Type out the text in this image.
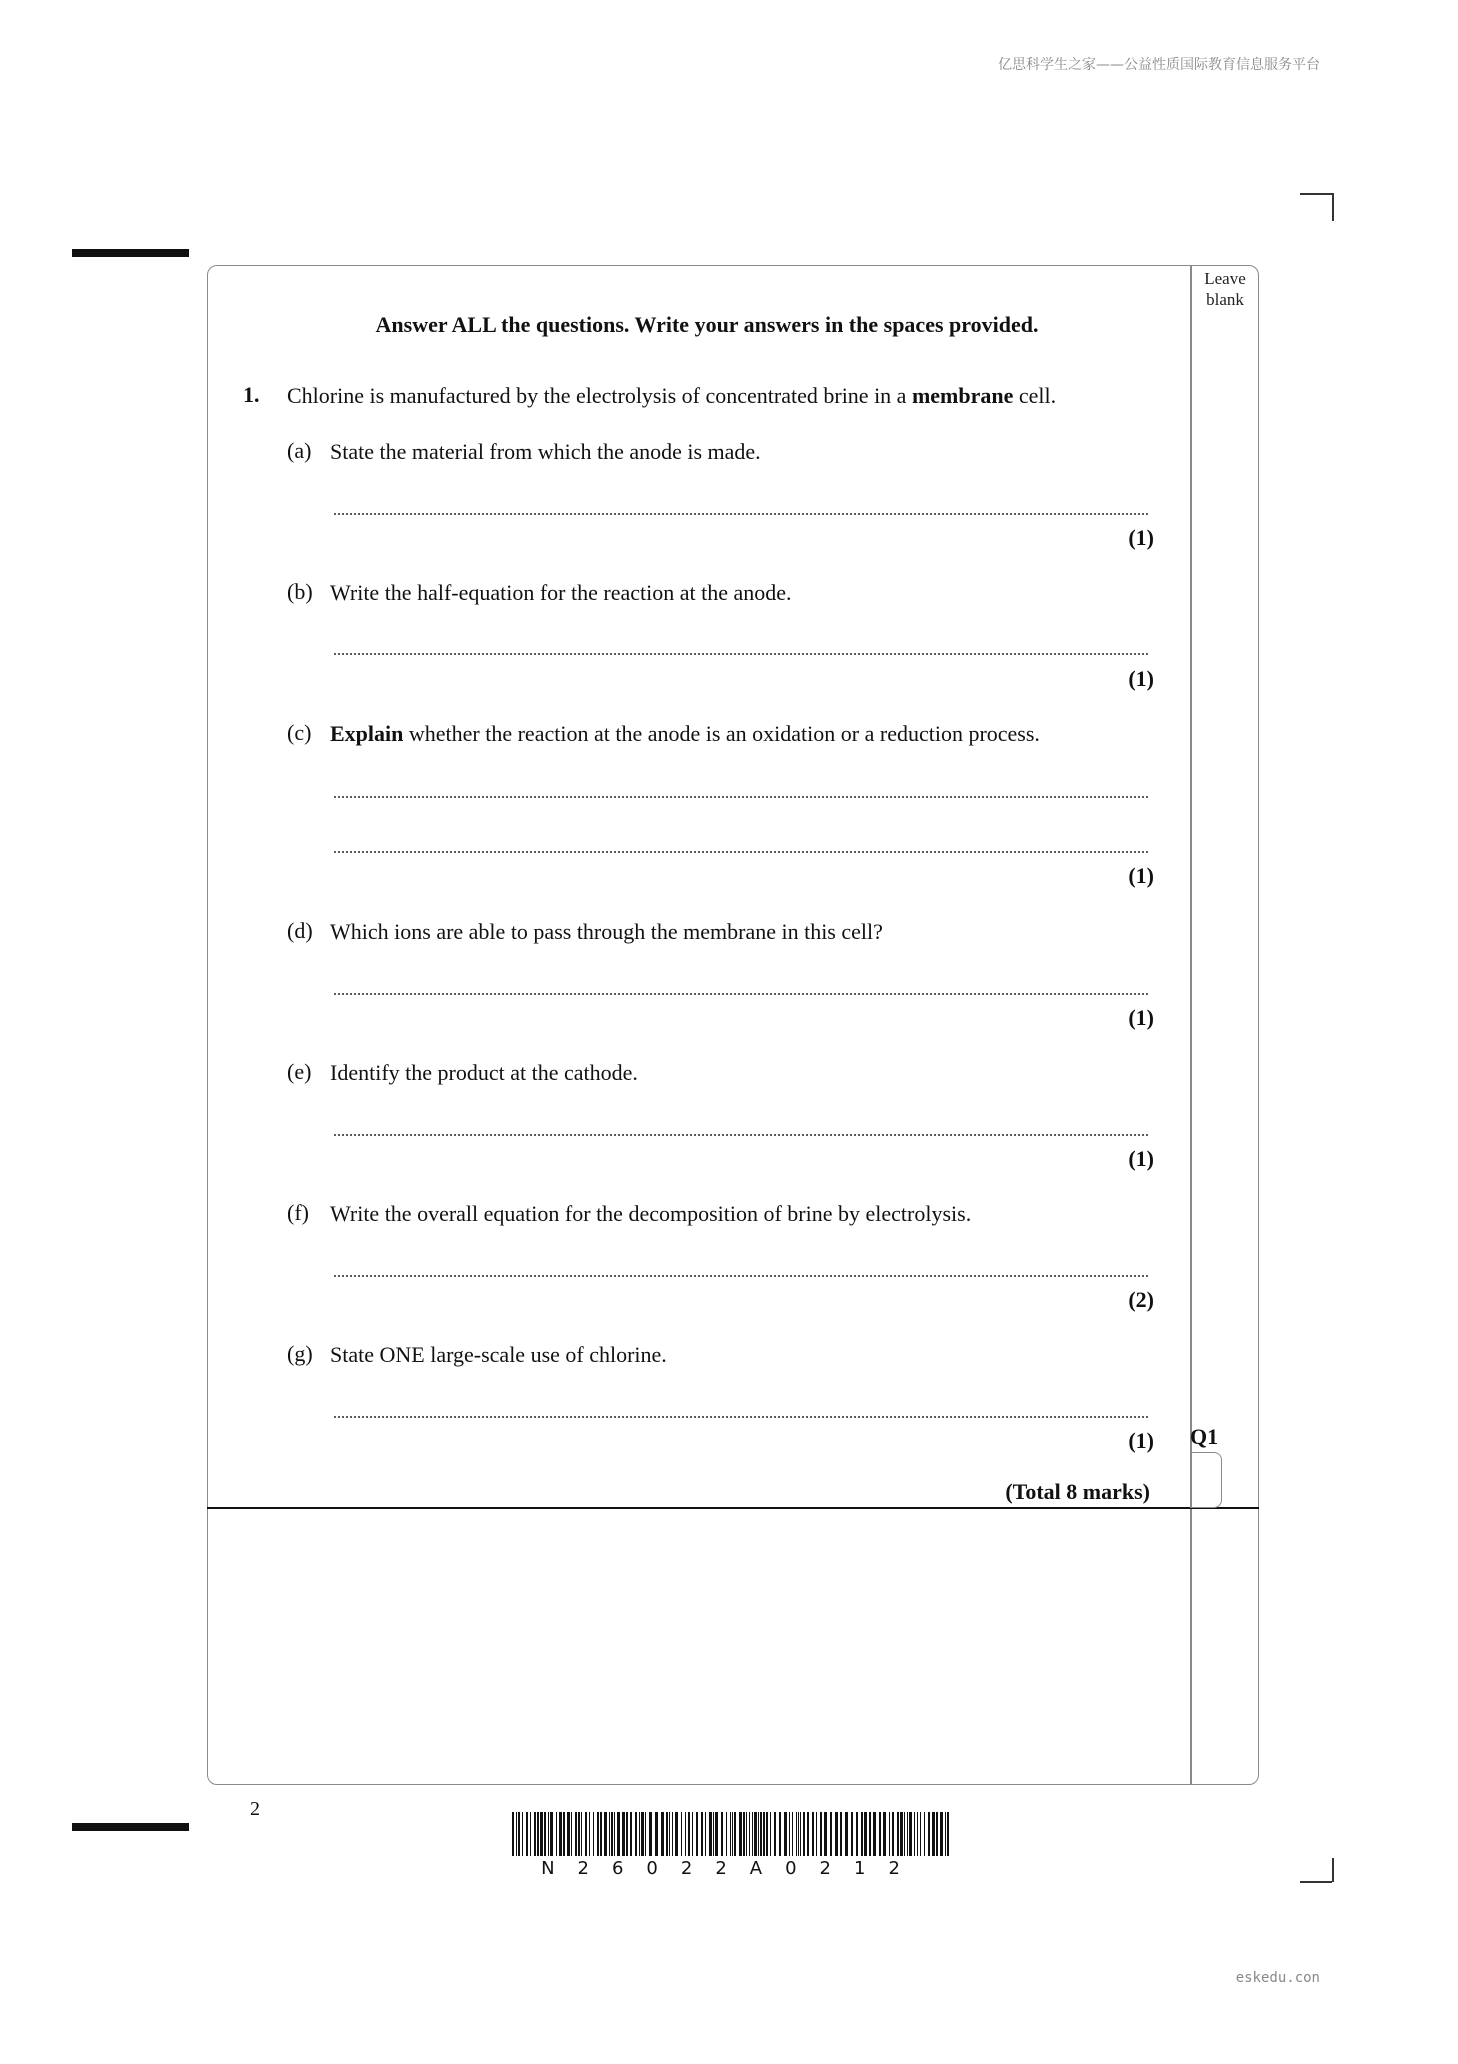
亿思科学生之家——公益性质国际教育信息服务平台
Leave blank
Answer ALL the questions. Write your answers in the spaces provided.
1. Chlorine is manufactured by the electrolysis of concentrated brine in a membrane cell.
(a) State the material from which the anode is made.
(1)
(b) Write the half-equation for the reaction at the anode.
(1)
(c) Explain whether the reaction at the anode is an oxidation or a reduction process.
(1)
(d) Which ions are able to pass through the membrane in this cell?
(1)
(e) Identify the product at the cathode.
(1)
(f) Write the overall equation for the decomposition of brine by electrolysis.
(2)
(g) State ONE large-scale use of chlorine.
(1)
(Total 8 marks)
Q1
2
N26022A0212
eskedu.con
